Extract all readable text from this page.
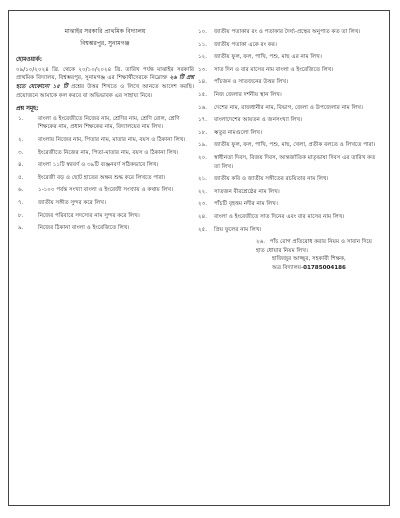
মাঝাইর সরকারি প্রাথমিক বিদ্যালয়
বিশ্বম্ভরপুর, সুনামগঞ্জ
হোমওয়ার্ক:
০৯/১০/২০২৪ খ্রি. থেকে ২০/১০/২০২৪ খ্রি. তারিখ পর্যন্ত মাঝাইর সরকারি প্রাথমিক বিদ্যালয়, বিশ্বম্ভরপুর, সুনামগঞ্জ এর শিক্ষার্থীদেরকে নিম্নোক্ত ২৬ টি প্রশ্ন হতে যেকোনো ১৫ টি প্রশ্নের উত্তর শিখতে ও লিখে আনতে আদেশ করছি। প্রয়োজনে আমাকে কল করবে বা অভিভাবক এর সাহায্য নিবে।
প্রশ্ন সমূহ:
১.	বাংলা ও ইংরেজীতে নিজের নাম, শ্রেণির নাম, শ্রেণি রোল, শ্রেণি শিক্ষকের নাম, প্রধান শিক্ষকের নাম, বিদ্যালয়ের নাম লিখ।
২.	বাংলায় নিজের নাম, পিতার নাম, মাতার নাম, বয়স ও ঠিকানা লিখ।
৩.	ইংরেজীতে নিজের নাম, পিতা-মাতার নাম, বয়স ও ঠিকানা লিখ।
৪.	বাংলা ১১টি স্বরবর্ণ ও ৩৯টি ব্যঞ্জনবর্ণ সঠিকভাবে লিখ।
৫.	ইংরেজী বড় ও ছোট হাতের অক্ষর শুদ্ধ করে লিখতে পারা।
৬.	১-১০০ পর্যন্ত সংখ্যা বাংলা ও ইংরেজী সংখ্যায় ও কথায় লিখ।
৭.	জাতীয় সঙ্গীত সুন্দর করে লিখ।
৮.	নিজের পরিবারে সদস্যের নাম সুন্দর করে লিখ।
৯.	নিজের ঠিকানা বাংলা ও ইংরেজিতে লিখ।
১০.	জাতীয় পতাকার রং ও পতাকার দৈর্ঘ্য-প্রস্থের অনুপাত কত তা লিখ।
১১.	জাতীয় পতাকা একে রং কর।
১২.	জাতীয় ফুল, ফল, পাখি, পশু, মাছ এর নাম লিখ।
১৩.	সাত দিন ও বার মাসের নাম বাংলা ও ইংরেজিতে লিখ।
১৪.	পাঁচজন ও সাতজনের উত্তর লিখ।
১৫.	নিজ জেলার দর্শনীয় স্থান লিখ।
১৬.	দেশের নাম, রাজধানীর নাম, বিভাগ, জেলা ও উপজেলার নাম লিখ।
১৭.	বাংলাদেশের আয়তন ও জনসংখ্যা লিখ।
১৮.	ঋতুর নামগুলো লিখ।
১৯.	জাতীয় ফুল, ফল, পাখি, পশু, মাছ, খেলা, প্রতীক বলতে ও লিখতে পারা।
২০.	স্বাধীনতা দিবস, বিজয় দিবস, আন্তর্জাতিক মাতৃভাষা দিবস এর তারিখ কত তা লিখ।
২১.	জাতীয় কবি ও জাতীয় সঙ্গীতের রচয়িতার নাম লিখ।
২২.	সাতজন বীরশ্রেষ্ঠের নাম লিখ।
২৩.	পাঁচটি বৃহত্তম নদীর নাম লিখ।
২৪.	বাংলা ও ইংরেজীতে সাত দিনের এবং বার মাসের নাম লিখ।
২৫.	প্রিয় ফুলের নাম লিখ।
২৬. পাঁচ রোগ প্রতিরোধ করার নিয়ম ও সাবান দিয়ে হাত ধোয়ার নিয়ম লিখ।
হাজিজুর আজ্জুর, সহকারী শিক্ষক,
অত্র বিদ্যালয়-01785004186
